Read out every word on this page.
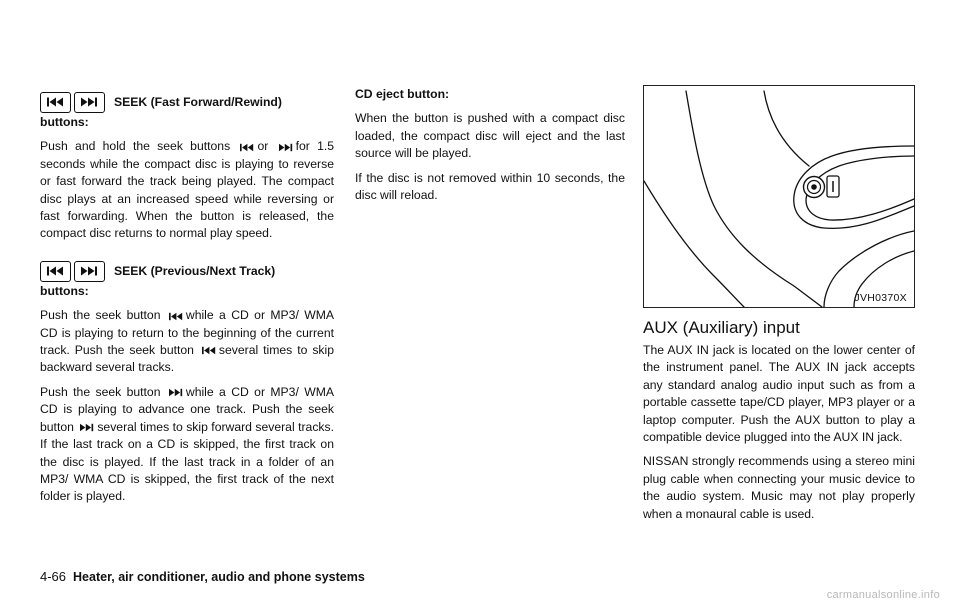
SEEK (Fast Forward/Rewind)

buttons:

Push and hold the seek buttons or for 1.5 seconds while the compact disc is playing to reverse or fast forward the track being played. The compact disc plays at an increased speed while reversing or fast forwarding. When the button is released, the compact disc returns to normal play speed.

SEEK (Previous/Next Track)

buttons:

Push the seek button while a CD or MP3/ WMA CD is playing to return to the beginning of the current track. Push the seek button several times to skip backward several tracks.

Push the seek button while a CD or MP3/ WMA CD is playing to advance one track. Push the seek button several times to skip forward several tracks. If the last track on a CD is skipped, the first track on the disc is played. If the last track in a folder of an MP3/ WMA CD is skipped, the first track of the next folder is played.

CD eject button:

When the button is pushed with a compact disc loaded, the compact disc will eject and the last source will be played.

If the disc is not removed within 10 seconds, the disc will reload.

JVH0370X
AUX (Auxiliary) input

The AUX IN jack is located on the lower center of the instrument panel. The AUX IN jack accepts any standard analog audio input such as from a portable cassette tape/CD player, MP3 player or a laptop computer. Push the AUX button to play a compatible device plugged into the AUX IN jack.

NISSAN strongly recommends using a stereo mini plug cable when connecting your music device to the audio system. Music may not play properly when a monaural cable is used.

4-66 Heater, air conditioner, audio and phone systems
carmanualsonline.info
